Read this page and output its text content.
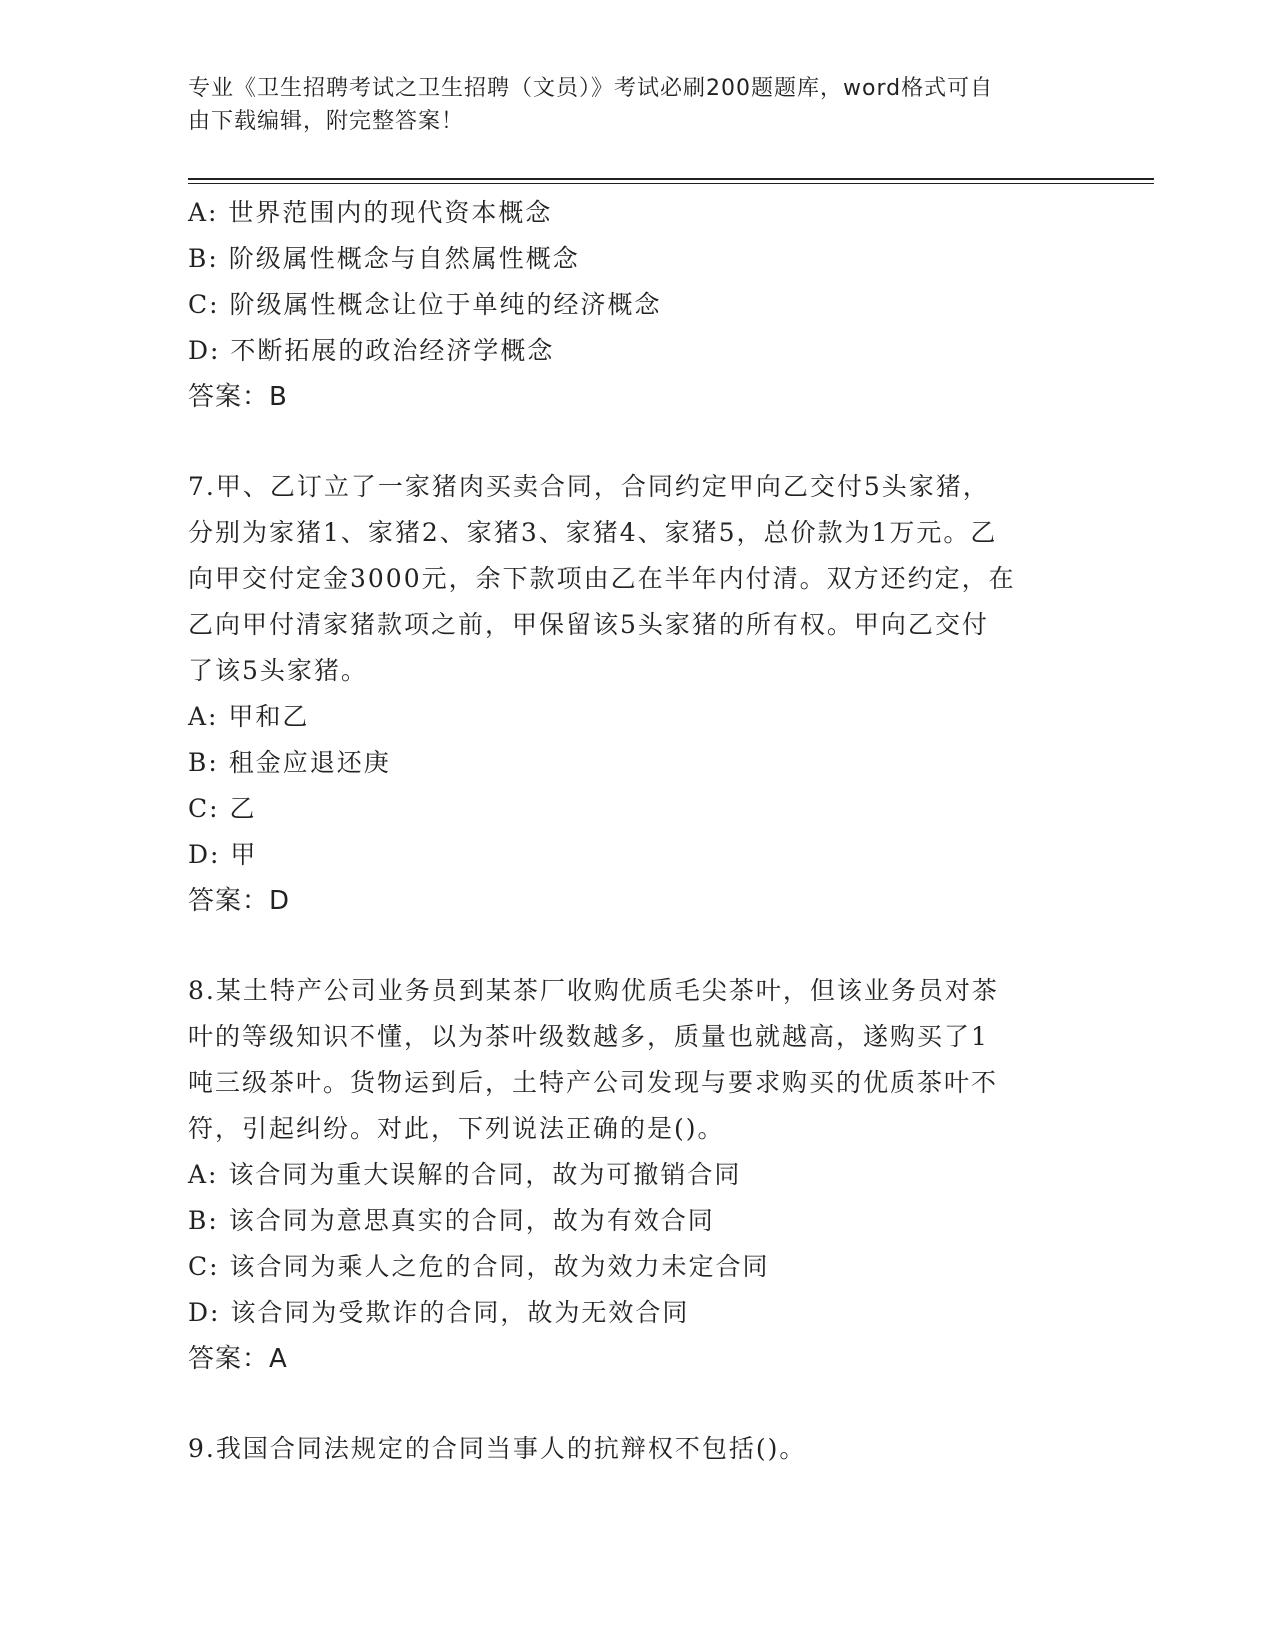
专业《卫生招聘考试之卫生招聘（文员）》考试必刷200题题库，word格式可自
由下载编辑，附完整答案！
A: 世界范围内的现代资本概念
B: 阶级属性概念与自然属性概念
C: 阶级属性概念让位于单纯的经济概念
D: 不断拓展的政治经济学概念
答案：B
7.甲、乙订立了一家猪肉买卖合同，合同约定甲向乙交付5头家猪，
分别为家猪1、家猪2、家猪3、家猪4、家猪5，总价款为1万元。乙
向甲交付定金3000元，余下款项由乙在半年内付清。双方还约定，在
乙向甲付清家猪款项之前，甲保留该5头家猪的所有权。甲向乙交付
了该5头家猪。
A: 甲和乙
B: 租金应退还庚
C: 乙
D: 甲
答案：D
8.某土特产公司业务员到某茶厂收购优质毛尖茶叶，但该业务员对茶
叶的等级知识不懂，以为茶叶级数越多，质量也就越高，遂购买了1
吨三级茶叶。货物运到后，土特产公司发现与要求购买的优质茶叶不
符，引起纠纷。对此，下列说法正确的是()。
A: 该合同为重大误解的合同，故为可撤销合同
B: 该合同为意思真实的合同，故为有效合同
C: 该合同为乘人之危的合同，故为效力未定合同
D: 该合同为受欺诈的合同，故为无效合同
答案：A
9.我国合同法规定的合同当事人的抗辩权不包括()。
